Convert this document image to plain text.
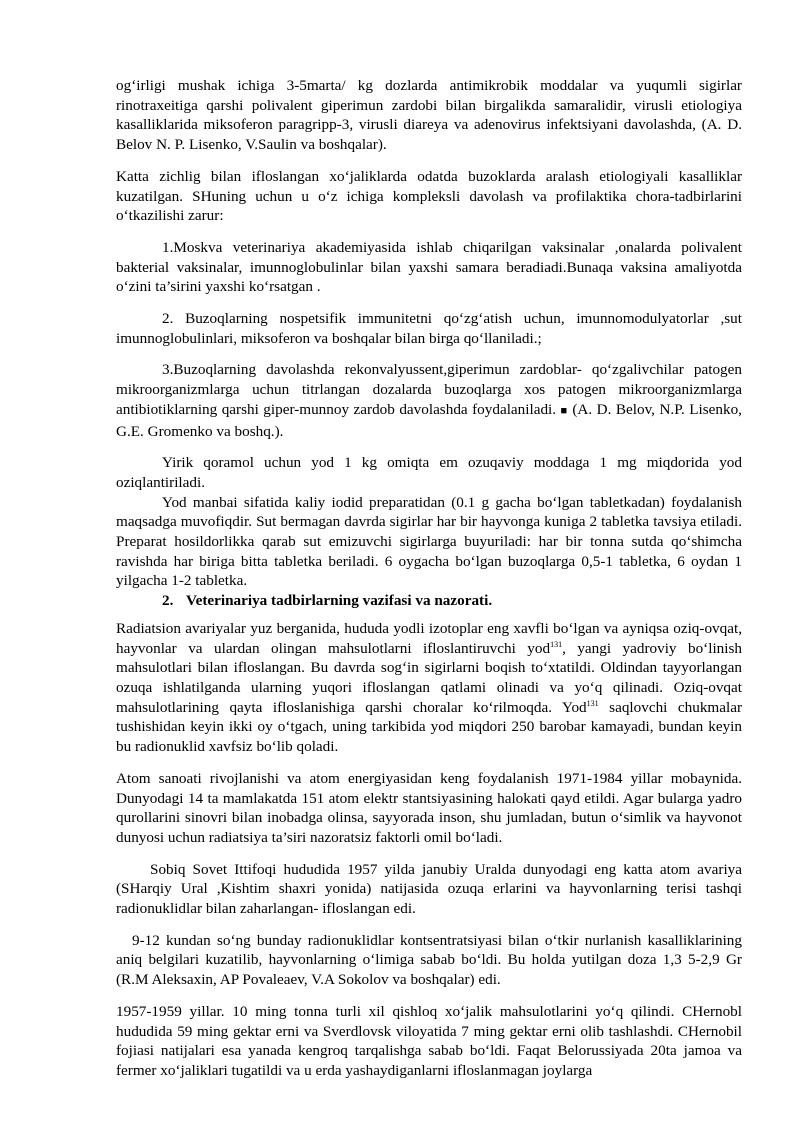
og‘irligi mushak ichiga 3-5marta/ kg dozlarda antimikrobik moddalar va yuqumli sigirlar rinotraxeitiga qarshi polivalent giperimun zardobi bilan birgalikda samaralidir, virusli etiologiya kasalliklarida miksoferon paragripp-3, virusli diareya va adenovirus infektsiyani davolashda, (A. D. Belov N. P. Lisenko, V.Saulin va boshqalar).

Katta zichlig bilan ifloslangan xo‘jaliklarda odatda buzoklarda aralash etiologiyali kasalliklar kuzatilgan. SHuning uchun u o‘z ichiga kompleksli davolash va profilaktika chora-tadbirlarini o‘tkazilishi zarur:

1.Moskva veterinariya akademiyasida ishlab chiqarilgan vaksinalar ,onalarda polivalent bakterial vaksinalar, imunnoglobulinlar bilan yaxshi samara beradiadi.Bunaqa vaksina amaliyotda o‘zini ta’sirini yaxshi ko‘rsatgan .

2. Buzoqlarning nospetsifik immunitetni qo‘zg‘atish uchun, imunnomodulyatorlar ,sut imunnoglobulinlari, miksoferon va boshqalar bilan birga qo‘llaniladi.;

3.Buzoqlarning davolashda rekonvalyussent,giperimun zardoblar- qo‘zgalivchilar patogen mikroorganizmlarga uchun titrlangan dozalarda buzoqlarga xos patogen mikroorganizmlarga antibiotiklarning qarshi giper-munnoy zardob davolashda foydalaniladi. ■ (A. D. Belov, N.P. Lisenko, G.E. Gromenko va boshq.).

Yirik qoramol uchun yod 1 kg omiqta em ozuqaviy moddaga 1 mg miqdorida yod oziqlantiriladi.

Yod manbai sifatida kaliy iodid preparatidan (0.1 g gacha bo‘lgan tabletkadan) foydalanish maqsadga muvofiqdir. Sut bermagan davrda sigirlar har bir hayvonga kuniga 2 tabletka tavsiya etiladi. Preparat hosildorlikka qarab sut emizuvchi sigirlarga buyuriladi: har bir tonna sutda qo‘shimcha ravishda har biriga bitta tabletka beriladi. 6 oygacha bo‘lgan buzoqlarga 0,5-1 tabletka, 6 oydan 1 yilgacha 1-2 tabletka.

2. Veterinariya tadbirlarning vazifasi va nazorati.

Radiatsion avariyalar yuz berganida, hududa yodli izotoplar eng xavfli bo‘lgan va ayniqsa oziq-ovqat, hayvonlar va ulardan olingan mahsulotlarni ifloslantiruvchi yod$^{131}$, yangi yadroviy bo‘linish mahsulotlari bilan ifloslangan. Bu davrda sog‘in sigirlarni boqish to‘xtatildi. Oldindan tayyorlangan ozuqa ishlatilganda ularning yuqori ifloslangan qatlami olinadi va yo‘q qilinadi. Oziq-ovqat mahsulotlarining qayta ifloslanishiga qarshi choralar ko‘rilmoqda. Yod$^{131}$ saqlovchi chukmalar tushishidan keyin ikki oy o‘tgach, uning tarkibida yod miqdori 250 barobar kamayadi, bundan keyin bu radionuklid xavfsiz bo‘lib qoladi.

Atom sanoati rivojlanishi va atom energiyasidan keng foydalanish 1971-1984 yillar mobaynida. Dunyodagi 14 ta mamlakatda 151 atom elektr stantsiyasining halokati qayd etildi. Agar bularga yadro qurollarini sinovri bilan inobadga olinsa, sayyorada inson, shu jumladan, butun o‘simlik va hayvonot dunyosi uchun radiatsiya ta’siri nazoratsiz faktorli omil bo‘ladi.

Sobiq Sovet Ittifoqi hududida 1957 yilda janubiy Uralda dunyodagi eng katta atom avariya (SHarqiy Ural ,Kishtim shaxri yonida) natijasida ozuqa erlarini va hayvonlarning terisi tashqi radionuklidlar bilan zaharlangan- ifloslangan edi.

9-12 kundan so‘ng bunday radionuklidlar kontsentratsiyasi bilan o‘tkir nurlanish kasalliklarining aniq belgilari kuzatilib, hayvonlarning o‘limiga sabab bo‘ldi. Bu holda yutilgan doza 1,3 5-2,9 Gr (R.M Aleksaxin, AP Povaleaev, V.A Sokolov va boshqalar) edi.

1957-1959 yillar. 10 ming tonna turli xil qishloq xo‘jalik mahsulotlarini yo‘q qilindi. CHernobl hududida 59 ming gektar erni va Sverdlovsk viloyatida 7 ming gektar erni olib tashlashdi. CHernobil fojiasi natijalari esa yanada kengroq tarqalishga sabab bo‘ldi. Faqat Belorussiyada 20ta jamoa va fermer xo‘jaliklari tugatildi va u erda yashaydiganlarni ifloslanmagan joylarga
